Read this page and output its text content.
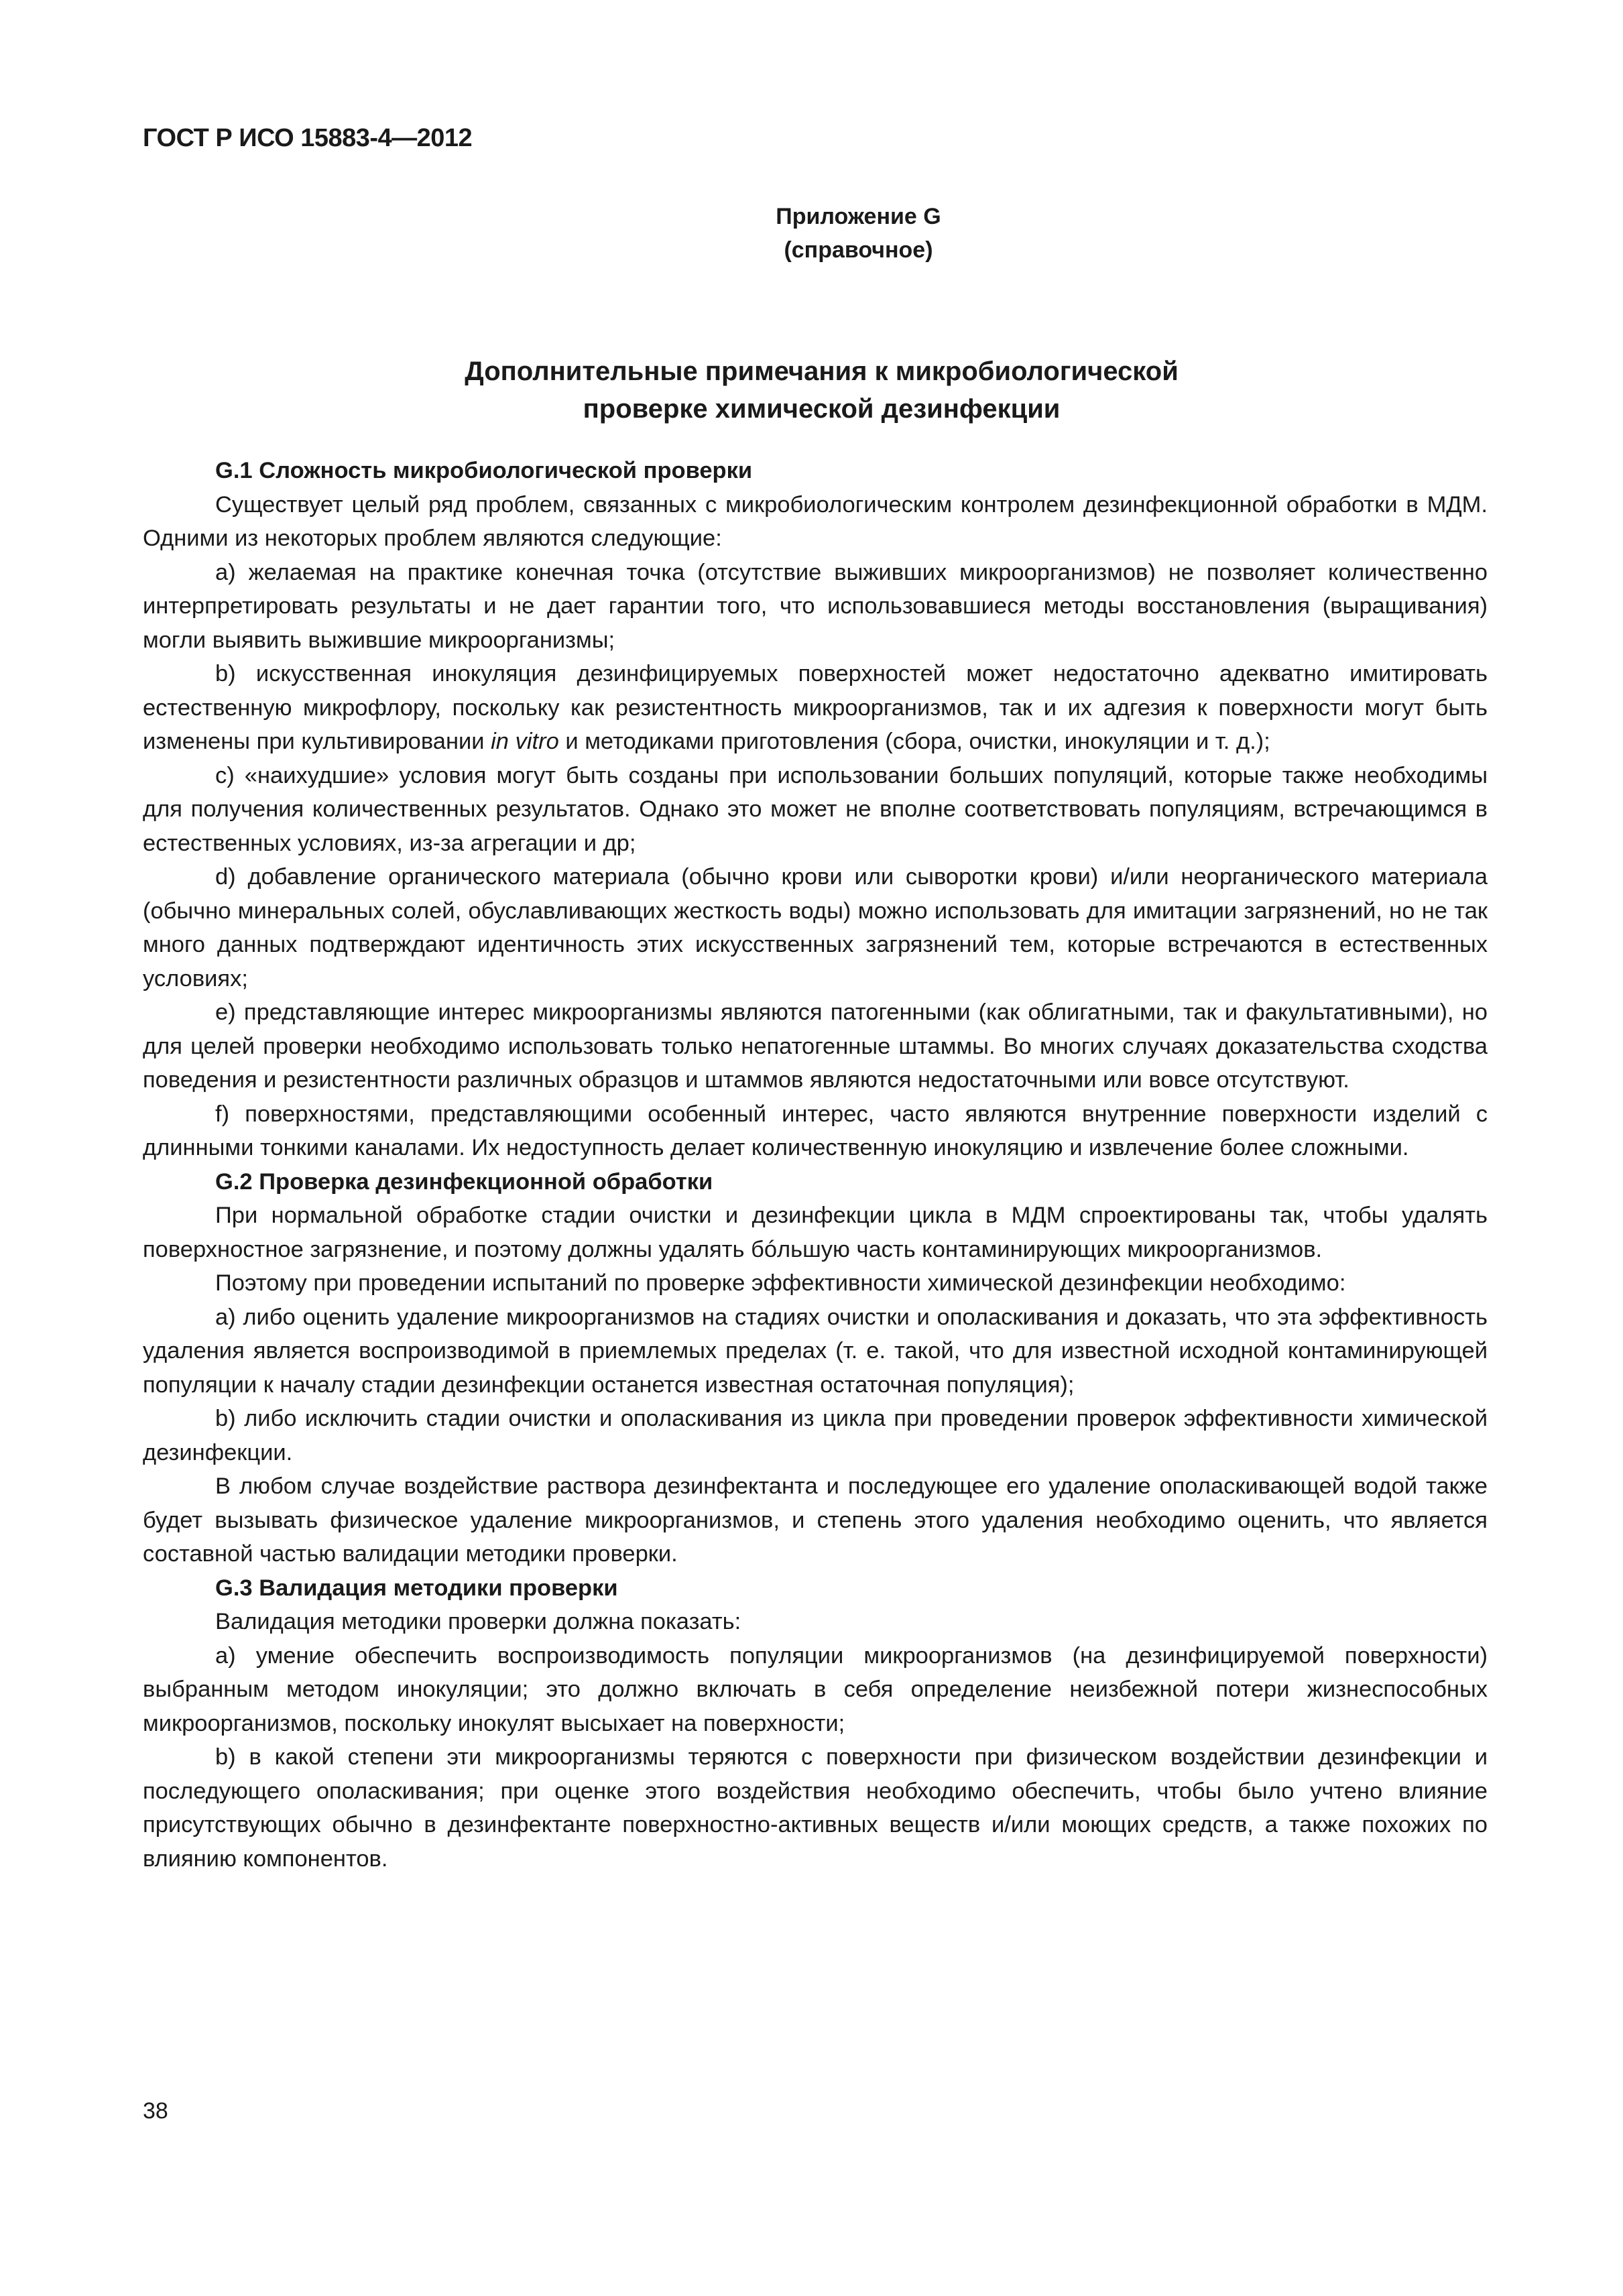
ГОСТ Р ИСО 15883-4—2012
Приложение G
(справочное)
Дополнительные примечания к микробиологической
проверке химической дезинфекции
G.1 Сложность микробиологической проверки

Существует целый ряд проблем, связанных с микробиологическим контролем дезинфекционной обработки в МДМ. Одними из некоторых проблем являются следующие:

а) желаемая на практике конечная точка (отсутствие выживших микроорганизмов) не позволяет количественно интерпретировать результаты и не дает гарантии того, что использовавшиеся методы восстановления (выращивания) могли выявить выжившие микроорганизмы;

b) искусственная инокуляция дезинфицируемых поверхностей может недостаточно адекватно имитировать естественную микрофлору, поскольку как резистентность микроорганизмов, так и их адгезия к поверхности могут быть изменены при культивировании in vitro и методиками приготовления (сбора, очистки, инокуляции и т. д.);

с) «наихудшие» условия могут быть созданы при использовании больших популяций, которые также необходимы для получения количественных результатов. Однако это может не вполне соответствовать популяциям, встречающимся в естественных условиях, из-за агрегации и др;

d) добавление органического материала (обычно крови или сыворотки крови) и/или неорганического материала (обычно минеральных солей, обуславливающих жесткость воды) можно использовать для имитации загрязнений, но не так много данных подтверждают идентичность этих искусственных загрязнений тем, которые встречаются в естественных условиях;

е) представляющие интерес микроорганизмы являются патогенными (как облигатными, так и факультативными), но для целей проверки необходимо использовать только непатогенные штаммы. Во многих случаях доказательства сходства поведения и резистентности различных образцов и штаммов являются недостаточными или вовсе отсутствуют.

f) поверхностями, представляющими особенный интерес, часто являются внутренние поверхности изделий с длинными тонкими каналами. Их недоступность делает количественную инокуляцию и извлечение более сложными.

G.2 Проверка дезинфекционной обработки

При нормальной обработке стадии очистки и дезинфекции цикла в МДМ спроектированы так, чтобы удалять поверхностное загрязнение, и поэтому должны удалять бóльшую часть контаминирующих микроорганизмов.

Поэтому при проведении испытаний по проверке эффективности химической дезинфекции необходимо:

а) либо оценить удаление микроорганизмов на стадиях очистки и ополаскивания и доказать, что эта эффективность удаления является воспроизводимой в приемлемых пределах (т. е. такой, что для известной исходной контаминирующей популяции к началу стадии дезинфекции останется известная остаточная популяция);

b) либо исключить стадии очистки и ополаскивания из цикла при проведении проверок эффективности химической дезинфекции.

В любом случае воздействие раствора дезинфектанта и последующее его удаление ополаскивающей водой также будет вызывать физическое удаление микроорганизмов, и степень этого удаления необходимо оценить, что является составной частью валидации методики проверки.

G.3 Валидация методики проверки

Валидация методики проверки должна показать:

а) умение обеспечить воспроизводимость популяции микроорганизмов (на дезинфицируемой поверхности) выбранным методом инокуляции; это должно включать в себя определение неизбежной потери жизнеспособных микроорганизмов, поскольку инокулят высыхает на поверхности;

b) в какой степени эти микроорганизмы теряются с поверхности при физическом воздействии дезинфекции и последующего ополаскивания; при оценке этого воздействия необходимо обеспечить, чтобы было учтено влияние присутствующих обычно в дезинфектанте поверхностно-активных веществ и/или моющих средств, а также похожих по влиянию компонентов.

38
